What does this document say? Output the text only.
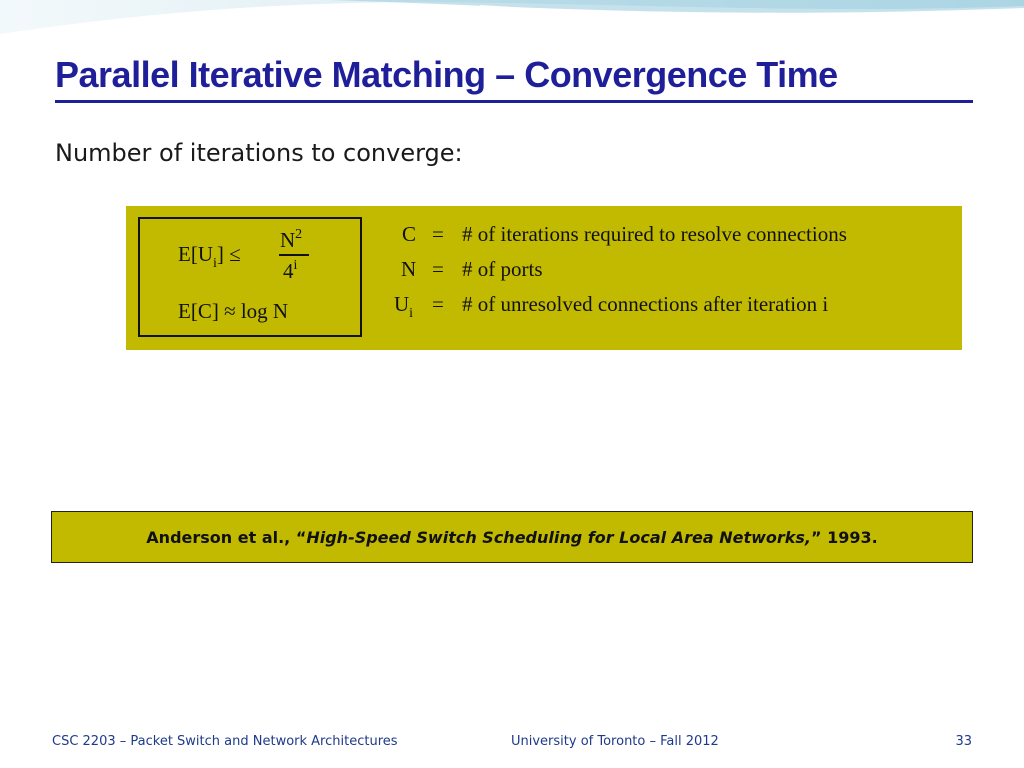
Parallel Iterative Matching – Convergence Time
Number of iterations to converge:
$E[U_i]$ ≤
$N^2$
4$^i$
E[C] ≈ log N
C = # of iterations required to resolve connections
N = # of ports
$U_i$ = # of unresolved connections after iteration i
Anderson et al., “ High-Speed Switch Scheduling for Local Area Networks, ” 1993.
CSC 2203 – Packet Switch and Network Architectures	University of Toronto – Fall 2012	33
